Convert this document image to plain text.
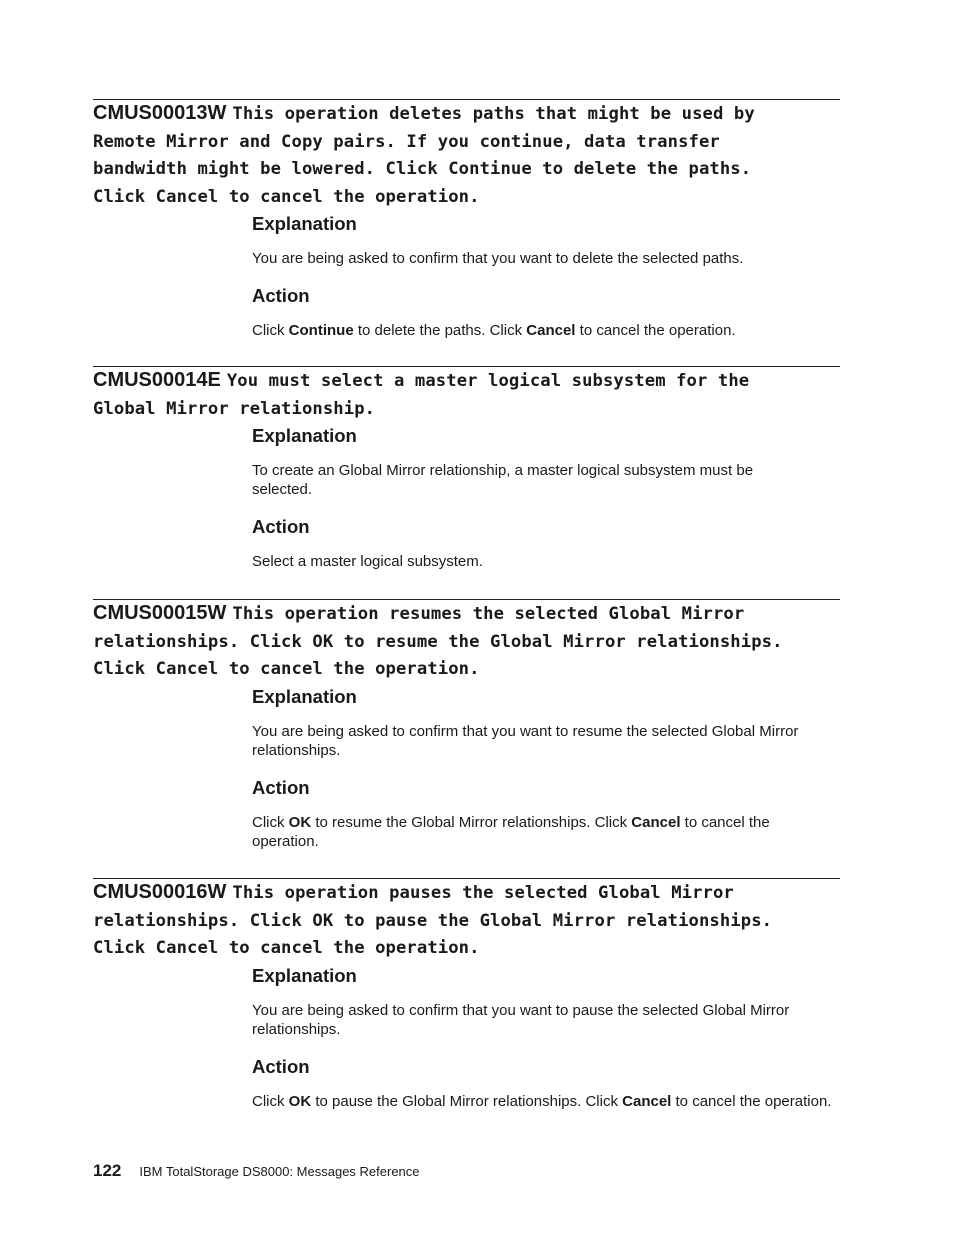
CMUS00013W This operation deletes paths that might be used by
Remote Mirror and Copy pairs. If you continue, data transfer
bandwidth might be lowered. Click Continue to delete the paths.
Click Cancel to cancel the operation.
Explanation
You are being asked to confirm that you want to delete the selected paths.
Action
Click Continue to delete the paths. Click Cancel to cancel the operation.
CMUS00014E You must select a master logical subsystem for the
Global Mirror relationship.
Explanation
To create an Global Mirror relationship, a master logical subsystem must be selected.
Action
Select a master logical subsystem.
CMUS00015W This operation resumes the selected Global Mirror
relationships. Click OK to resume the Global Mirror relationships.
Click Cancel to cancel the operation.
Explanation
You are being asked to confirm that you want to resume the selected Global Mirror relationships.
Action
Click OK to resume the Global Mirror relationships. Click Cancel to cancel the operation.
CMUS00016W This operation pauses the selected Global Mirror
relationships. Click OK to pause the Global Mirror relationships.
Click Cancel to cancel the operation.
Explanation
You are being asked to confirm that you want to pause the selected Global Mirror relationships.
Action
Click OK to pause the Global Mirror relationships. Click Cancel to cancel the operation.
122 IBM TotalStorage DS8000: Messages Reference
